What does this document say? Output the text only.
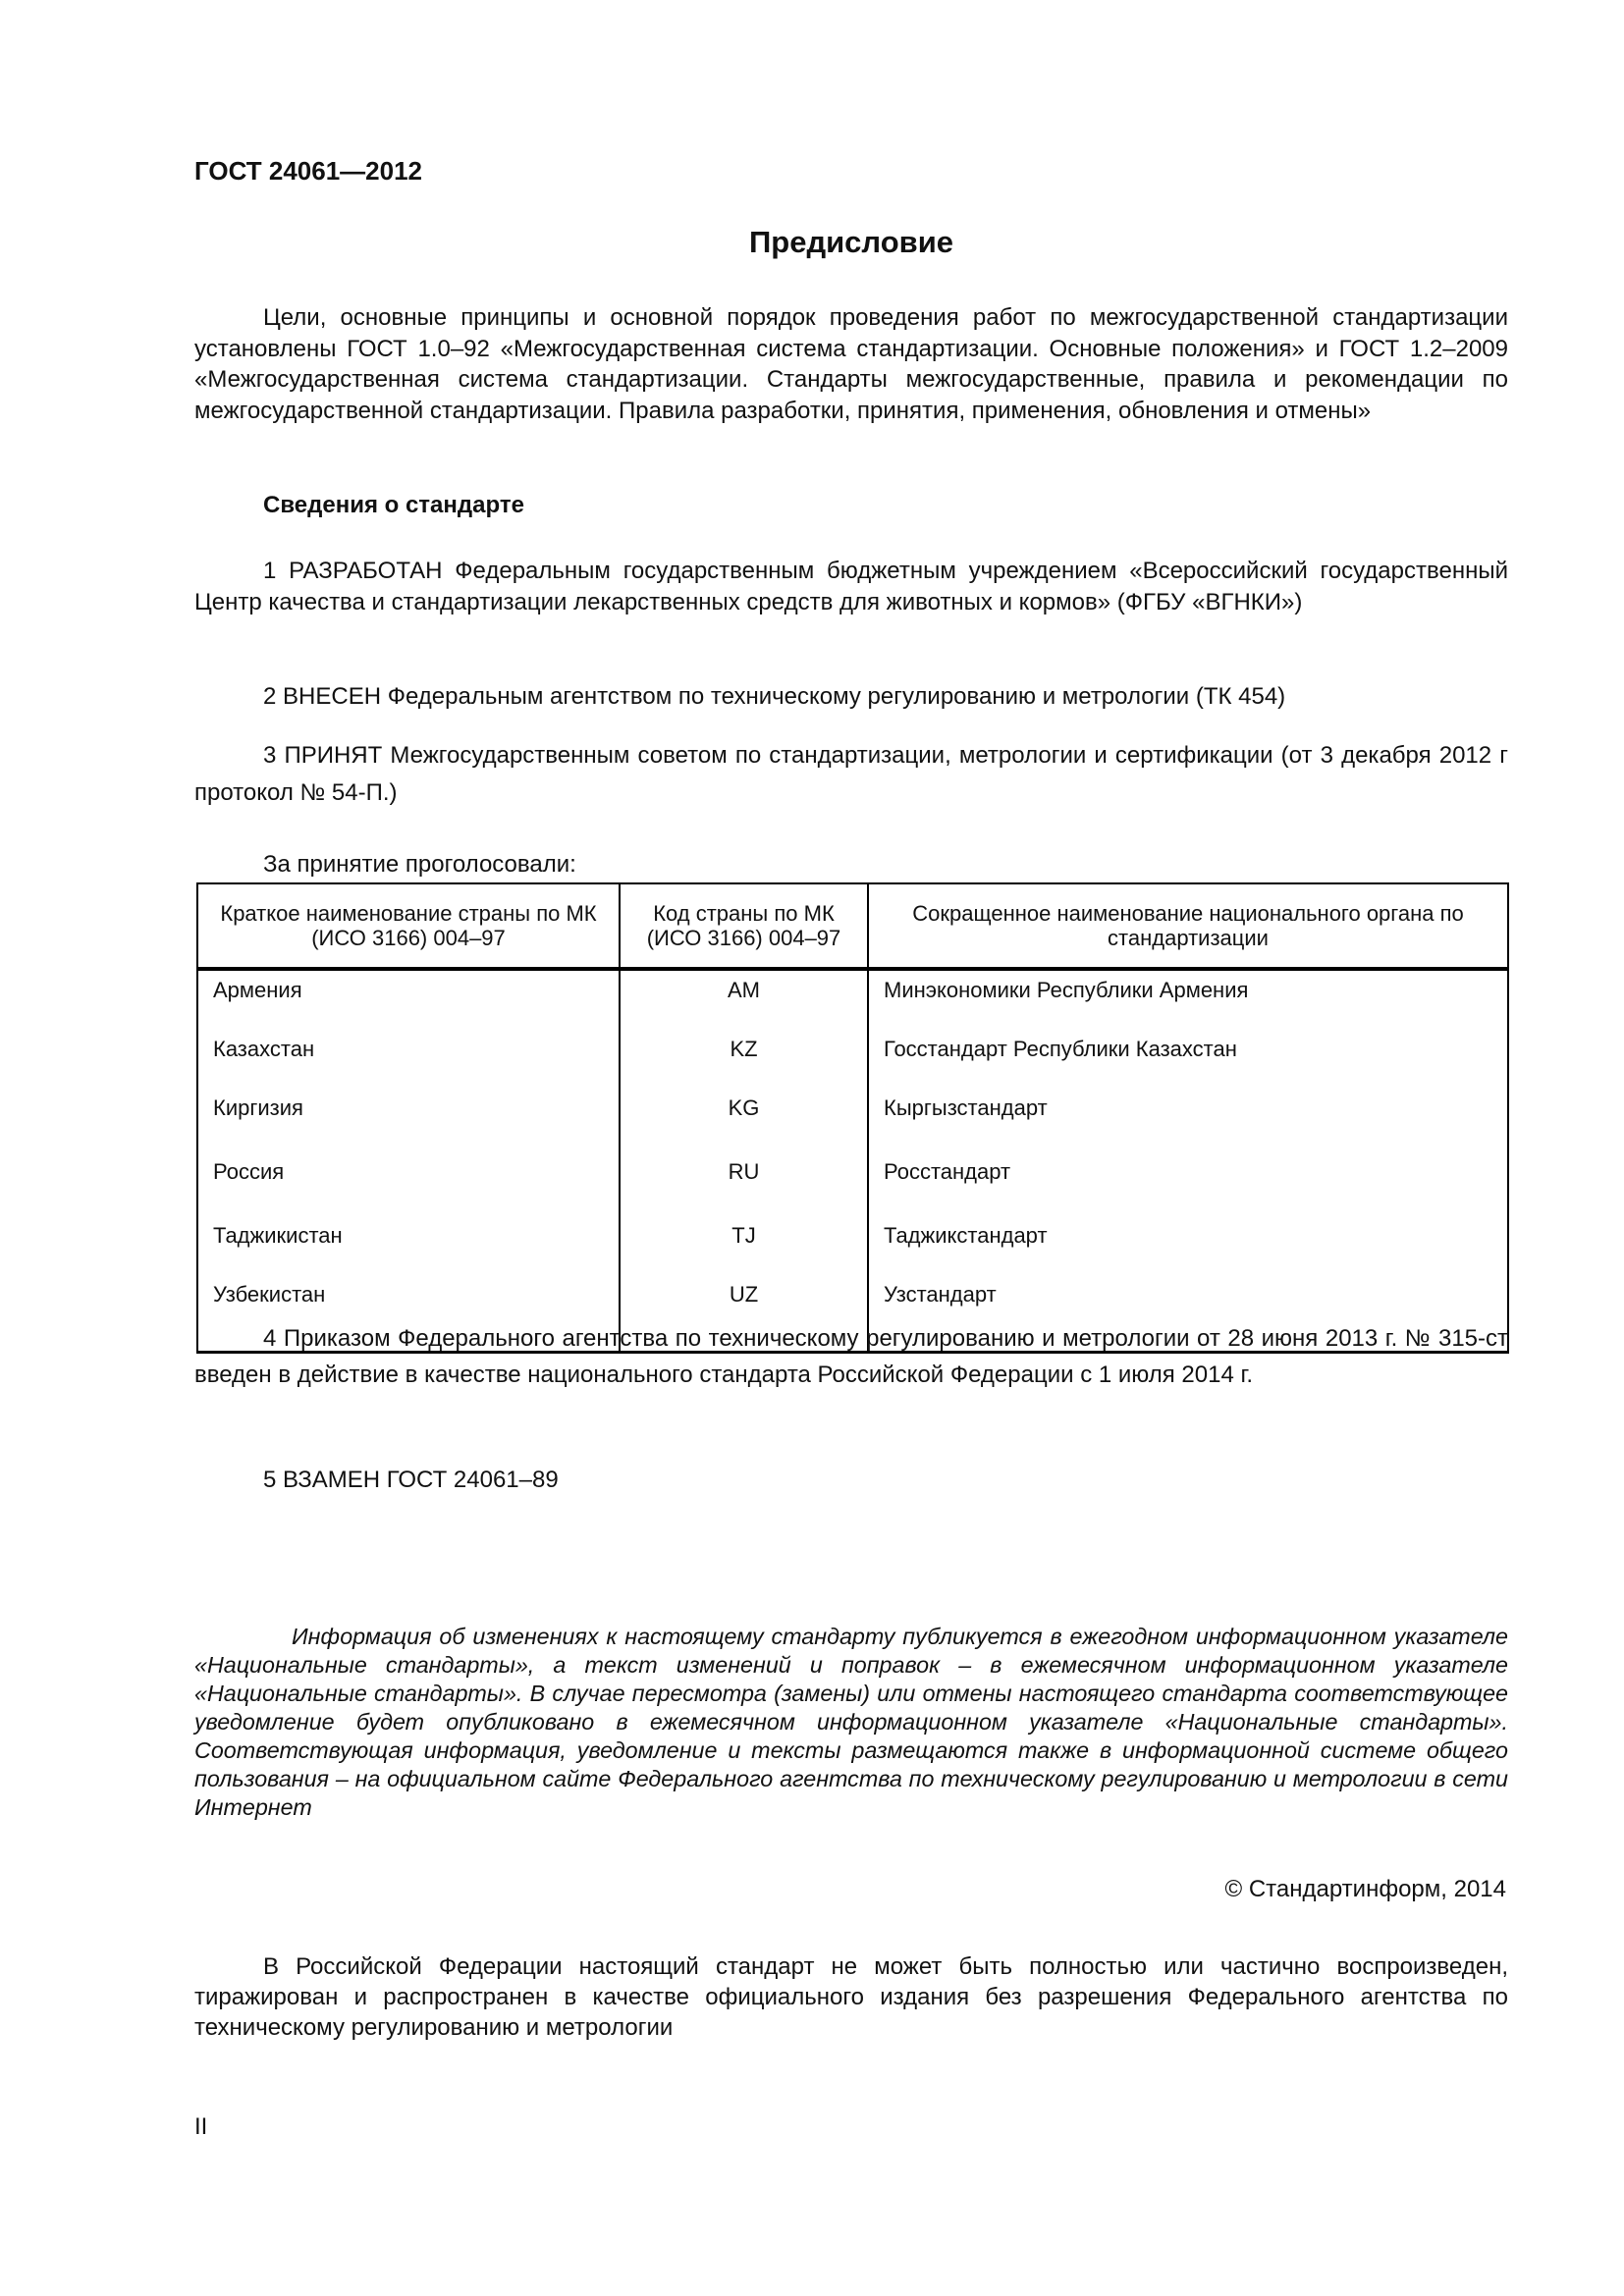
ГОСТ 24061—2012
Предисловие
Цели, основные принципы и основной порядок проведения работ по межгосударственной стандартизации установлены ГОСТ 1.0–92 «Межгосударственная система стандартизации. Основные положения» и ГОСТ 1.2–2009 «Межгосударственная система стандартизации. Стандарты межгосударственные, правила и рекомендации по межгосударственной стандартизации. Правила разработки, принятия, применения, обновления и отмены»
Сведения о стандарте
1 РАЗРАБОТАН Федеральным государственным бюджетным учреждением «Всероссийский государственный Центр качества и стандартизации лекарственных средств для животных и кормов» (ФГБУ «ВГНКИ»)
2 ВНЕСЕН Федеральным агентством по техническому регулированию и метрологии (ТК 454)
3 ПРИНЯТ Межгосударственным советом по стандартизации, метрологии и сертификации (от 3 декабря 2012 г протокол № 54-П.)
За принятие проголосовали:
Краткое наименование страны по МК (ИСО 3166) 004–97	Код страны по МК (ИСО 3166) 004–97	Сокращенное наименование национального органа по стандартизации
Армения	AM	Минэкономики Республики Армения
Казахстан	KZ	Госстандарт Республики Казахстан
Киргизия	KG	Кыргызстандарт
Россия	RU	Росстандарт
Таджикистан	TJ	Таджикстандарт
Узбекистан	UZ	Узстандарт
4 Приказом Федерального агентства по техническому регулированию и метрологии от 28 июня 2013 г. № 315-ст введен в действие в качестве национального стандарта Российской Федерации с 1 июля 2014 г.
5 ВЗАМЕН ГОСТ 24061–89
Информация об изменениях к настоящему стандарту публикуется в ежегодном информационном указателе «Национальные стандарты», а текст изменений и поправок – в ежемесячном информационном указателе «Национальные стандарты». В случае пересмотра (замены) или отмены настоящего стандарта соответствующее уведомление будет опубликовано в ежемесячном информационном указателе «Национальные стандарты». Соответствующая информация, уведомление и тексты размещаются также в информационной системе общего пользования – на официальном сайте Федерального агентства по техническому регулированию и метрологии в сети Интернет
© Стандартинформ, 2014
В Российской Федерации настоящий стандарт не может быть полностью или частично воспроизведен, тиражирован и распространен в качестве официального издания без разрешения Федерального агентства по техническому регулированию и метрологии
II
